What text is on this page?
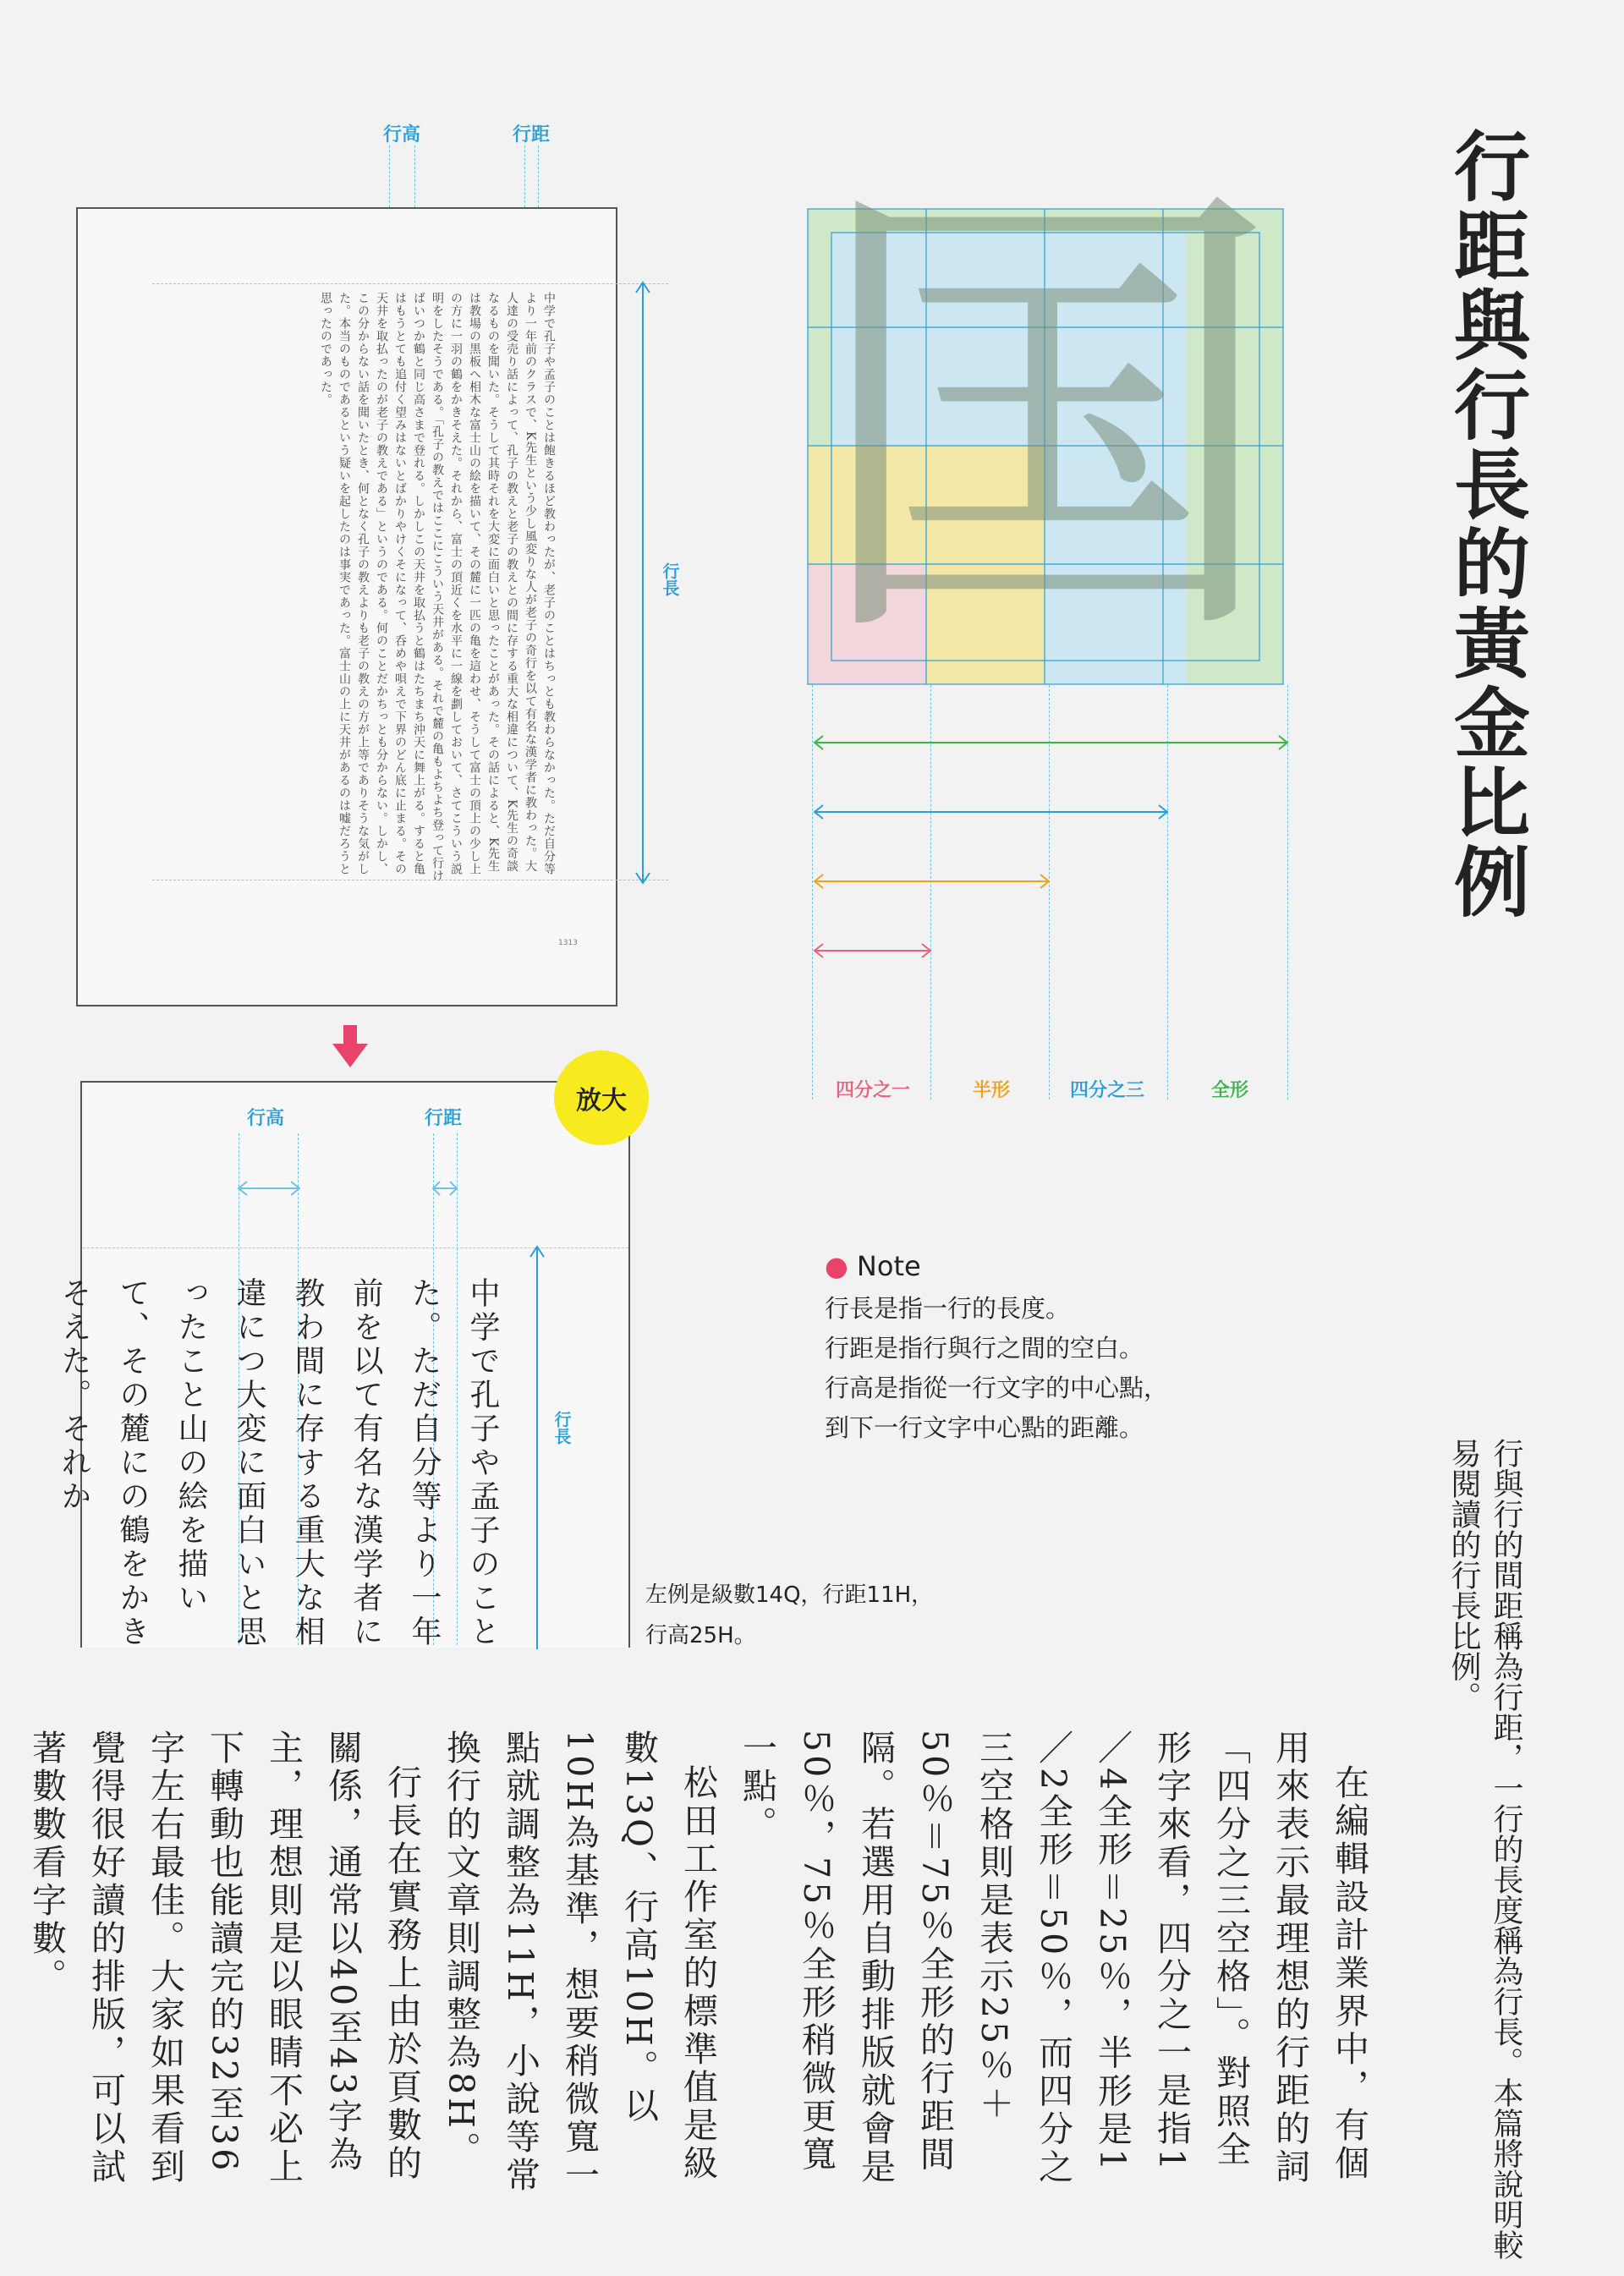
行距與行長的黃金比例
行與行的間距稱為行距，一行的長度稱為行長。本篇將說明較易閱讀的行長比例。
行高	行距
中学で孔子や孟子のことは飽きるほど教わったが、老子のことはちっとも教わらなかった。ただ自分等より一年前のクラスで、K先生という少し風変りな人が老子の奇行を以て有名な漢学者に教わった。大人達の受売り話によって、孔子の教えと老子の教えとの間に存する重大な相違について、K先生の奇談なるものを聞いた。そうして其時それを大変に面白いと思ったことがあった。その話によると、K先生は教場の黒板へ相木な富士山の絵を描いて、その麓に一匹の亀を這わせ、そうして富士の頂上の少し上の方に一羽の鶴をかきそえた。それから、富士の頂近くを水平に一線を劃しておいて、さてこういう説明をしたそうである。「孔子の教えではここにこういう天井がある。それで麓の亀もよちよち登って行けばいつか鶴と同じ高さまで登れる。しかしこの天井を取払うと鶴はたちまち沖天に舞上がる。すると亀はもうとても追付く望みはないとばかりやけくそになって、呑めや唄えで下界のどん底に止まる。その天井を取払ったのが老子の教えである」というのである。何のことだかちっとも分からない。しかし、この分からない話を聞いたとき、何となく孔子の教えよりも老子の教えの方が上等でありそうな気がした。本当のものであるという疑いを起したのは事実であった。富士山の上に天井があるのは嘘だろうと思ったのであった。
1313
行長
放大
行高	行距
中学で孔子や孟子のことた。ただ自分等より一年前を以て有名な漢学者に教わ間に存する重大な相違につ大変に面白いと思ったこと山の絵を描いて、その麓にの鶴をかきそえた。それか	行長
国
四分之一	半形	四分之三	全形
● Note
行長是指一行的長度。
行距是指行與行之間的空白。
行高是指從一行文字的中心點，
到下一行文字中心點的距離。
左例是級數14Q，行距11H，
行高25H。

在編輯設計業界中，有個用來表示最理想的行距的詞「四分之三空格」。對照全形字來看，四分之一是指1／4全形＝25％，半形是1／2全形＝50％，而四分之三空格則是表示25％＋50％＝75％全形的行距間隔。若選用自動排版就會是50％，75％全形稍微更寬一點。

松田工作室的標準值是級數13Q、行高10H。以10H為基準，想要稍微寬一點就調整為11H，小說等常換行的文章則調整為8H。

行長在實務上由於頁數的關係，通常以40至43字為主，理想則是以眼睛不必上下轉動也能讀完的32至36字左右最佳。大家如果看到覺得很好讀的排版，可以試著數數看字數。
